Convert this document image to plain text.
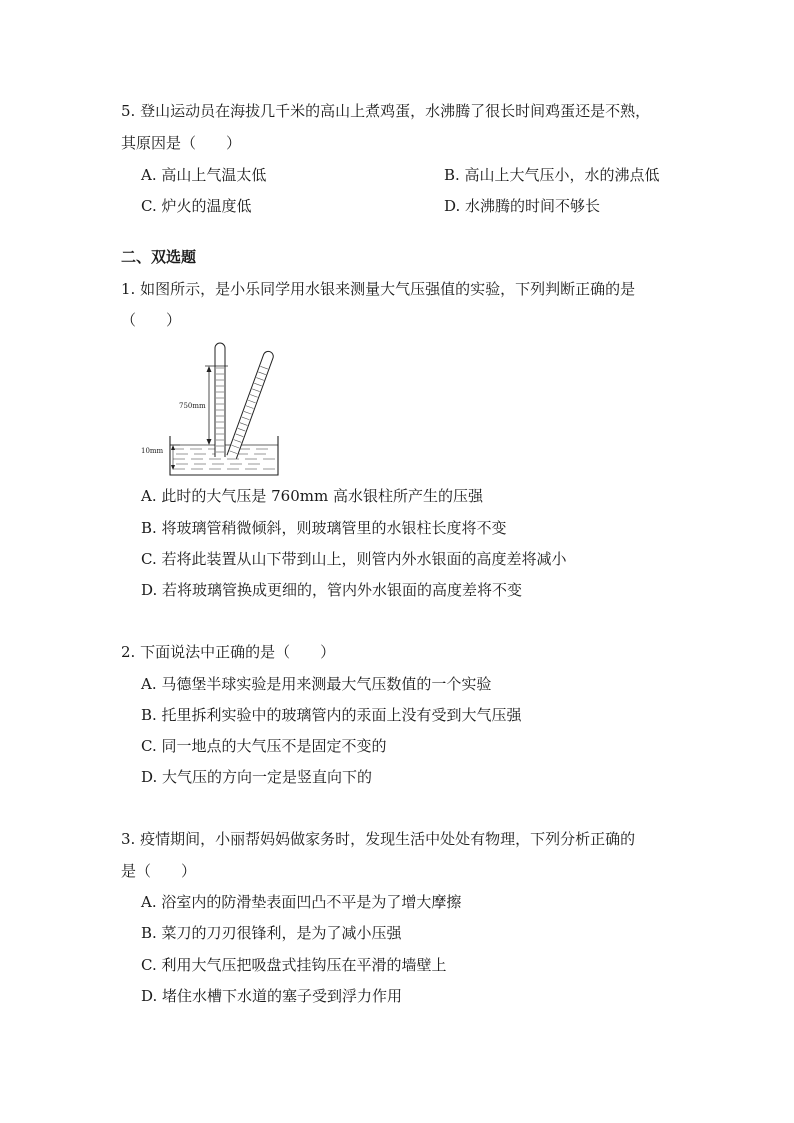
5. 登山运动员在海拔几千米的高山上煮鸡蛋，水沸腾了很长时间鸡蛋还是不熟，
其原因是（　　）
A. 高山上气温太低	B. 高山上大气压小，水的沸点低
C. 炉火的温度低	D. 水沸腾的时间不够长
二、双选题
1. 如图所示，是小乐同学用水银来测量大气压强值的实验，下列判断正确的是
（　　）
750mm
10mm
A. 此时的大气压是 760mm 高水银柱所产生的压强
B. 将玻璃管稍微倾斜，则玻璃管里的水银柱长度将不变
C. 若将此装置从山下带到山上，则管内外水银面的高度差将减小
D. 若将玻璃管换成更细的，管内外水银面的高度差将不变
2. 下面说法中正确的是（　　）
A. 马德堡半球实验是用来测最大气压数值的一个实验
B. 托里拆利实验中的玻璃管内的汞面上没有受到大气压强
C. 同一地点的大气压不是固定不变的
D. 大气压的方向一定是竖直向下的
3. 疫情期间，小丽帮妈妈做家务时，发现生活中处处有物理，下列分析正确的
是（　　）
A. 浴室内的防滑垫表面凹凸不平是为了增大摩擦
B. 菜刀的刀刃很锋利，是为了减小压强
C. 利用大气压把吸盘式挂钩压在平滑的墙壁上
D. 堵住水槽下水道的塞子受到浮力作用
